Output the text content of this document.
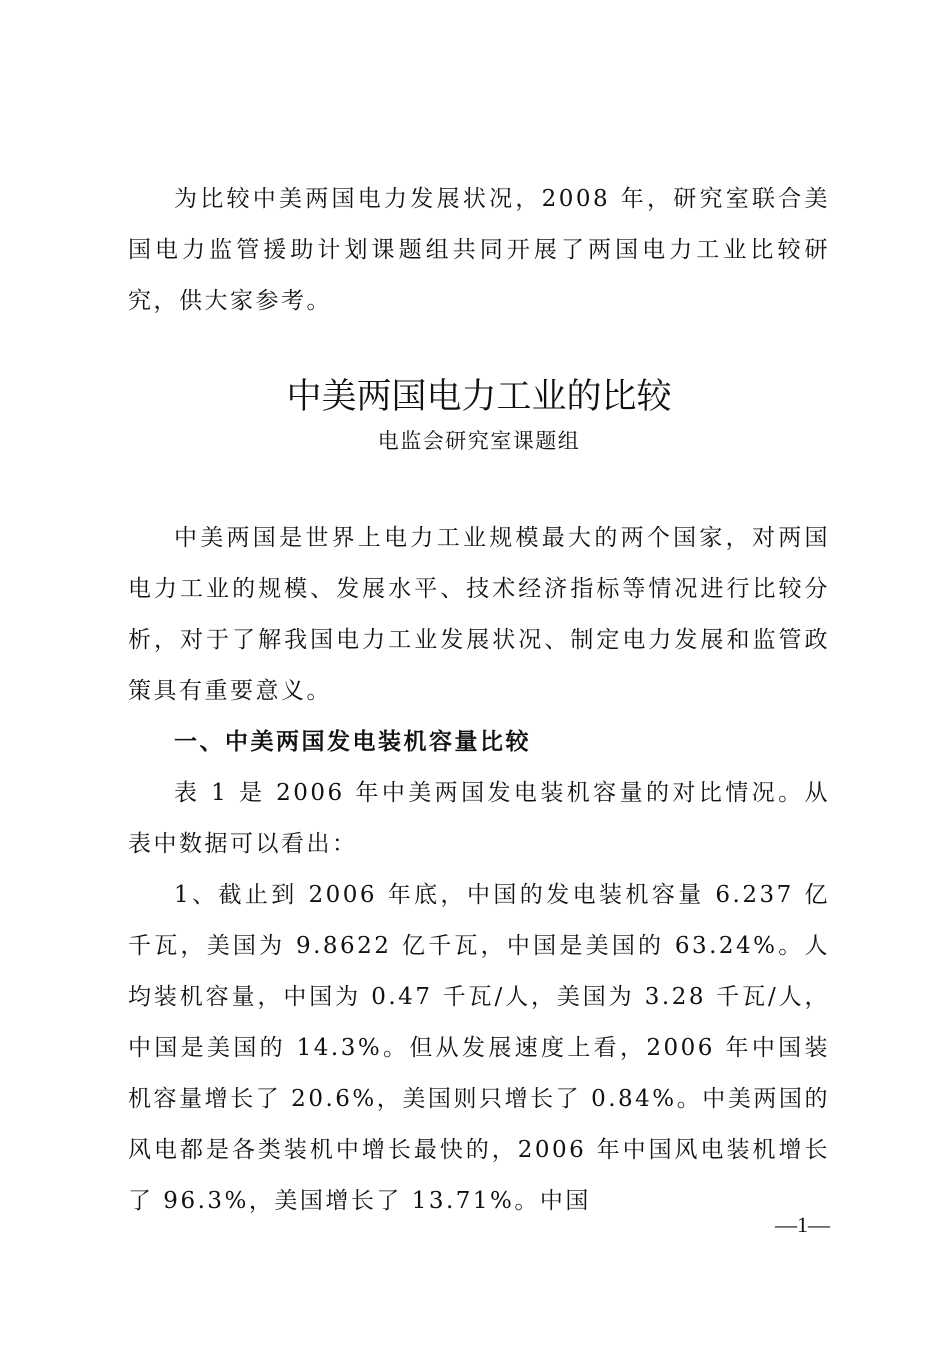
为比较中美两国电力发展状况，2008 年，研究室联合美国电力监管援助计划课题组共同开展了两国电力工业比较研究，供大家参考。

中美两国电力工业的比较
电监会研究室课题组

中美两国是世界上电力工业规模最大的两个国家，对两国电力工业的规模、发展水平、技术经济指标等情况进行比较分析，对于了解我国电力工业发展状况、制定电力发展和监管政策具有重要意义。

一、中美两国发电装机容量比较

表 1 是 2006 年中美两国发电装机容量的对比情况。从表中数据可以看出：

1、截止到 2006 年底，中国的发电装机容量 6.237 亿千瓦，美国为 9.8622 亿千瓦，中国是美国的 63.24%。人均装机容量，中国为 0.47 千瓦/人，美国为 3.28 千瓦/人，中国是美国的 14.3%。但从发展速度上看，2006 年中国装机容量增长了 20.6%，美国则只增长了 0.84%。中美两国的风电都是各类装机中增长最快的，2006 年中国风电装机增长了 96.3%，美国增长了 13.71%。中国

—1—
